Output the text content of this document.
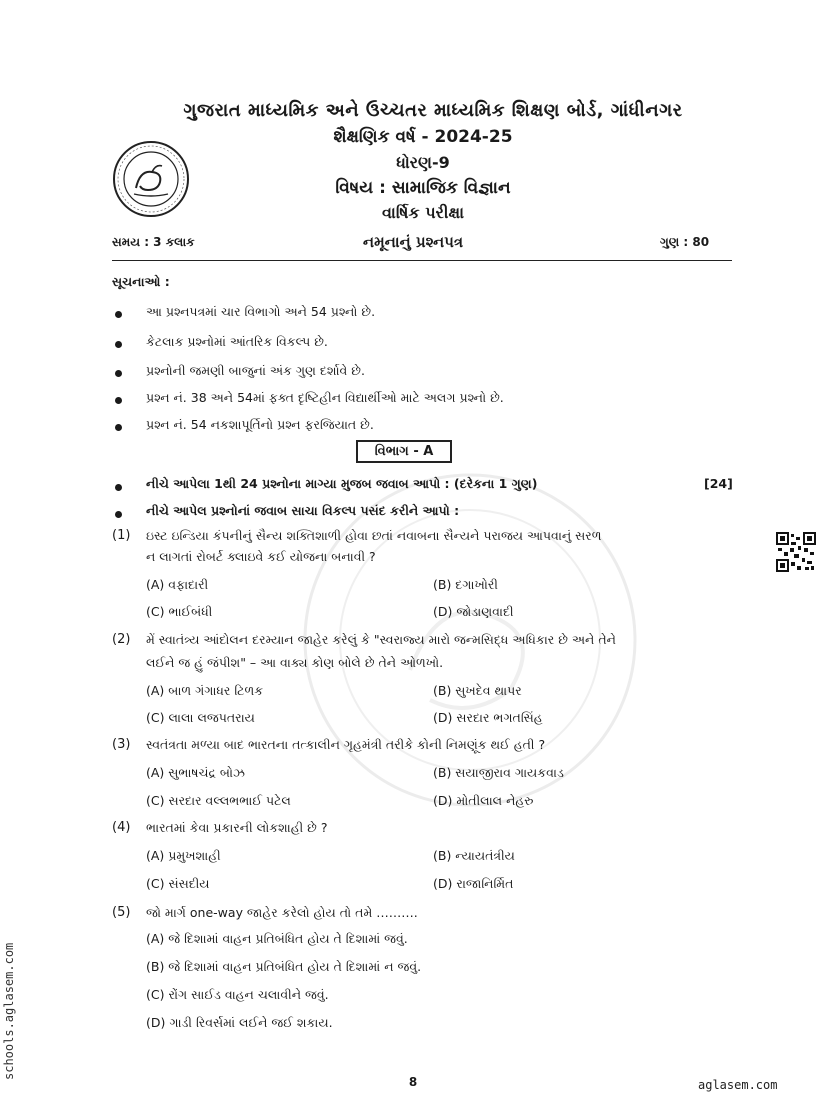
ગુજરાત માધ્યમિક અને ઉચ્ચતર માધ્યમિક શિક્ષણ બોર્ડ, ગાંધીનગર
શૈક્ષણિક વર્ષ - 2024-25
ધોરણ-9
વિષય : સામાજિક વિજ્ઞાન
વાર્ષિક પરીક્ષા
સમય : 3 કલાક	નમૂનાનું પ્રશ્નપત્ર	ગુણ : 80
સૂચનાઓ :
આ પ્રશ્નપત્રમાં ચાર વિભાગો અને 54 પ્રશ્નો છે.
કેટલાક પ્રશ્નોમાં આંતરિક વિકલ્પ છે.
પ્રશ્નોની જમણી બાજુનાં અંક ગુણ દર્શાવે છે.
પ્રશ્ન નં. 38 અને 54માં ફક્ત દૃષ્ટિહીન વિદ્યાર્થીઓ માટે અલગ પ્રશ્નો છે.
પ્રશ્ન નં. 54 નકશાપૂર્તિનો પ્રશ્ન ફરજિયાત છે.
વિભાગ - A
નીચે આપેલા 1થી 24 પ્રશ્નોના માગ્યા મુજબ જવાબ આપો : (દરેકના 1 ગુણ)	[24]
નીચે આપેલ પ્રશ્નોનાં જવાબ સાચા વિકલ્પ પસંદ કરીને આપો :
(1) ઇસ્ટ ઇન્ડિયા કંપનીનું સૈન્ય શક્તિશાળી હોવા છતાં નવાબના સૈન્યને પરાજય આપવાનું સરળ
ન લાગતાં રોબર્ટ ક્લાઇવે કઈ યોજના બનાવી ?
(A) વફાદારી	(B) દગાખોરી
(C) ભાઈબંધી	(D) જોડાણવાદી
(2) મેં સ્વાતંત્ર્ય આંદોલન દરમ્યાન જાહેર કરેલું કે "સ્વરાજ્ય મારો જન્મસિદ્ધ અધિકાર છે અને તેને
લઈને જ હું જંપીશ" – આ વાક્ય કોણ બોલે છે તેને ઓળખો.
(A) બાળ ગંગાધર ટિળક	(B) સુખદેવ થાપર
(C) લાલા લજપતરાય	(D) સરદાર ભગતસિંહ
(3) સ્વતંત્રતા મળ્યા બાદ ભારતના તત્કાલીન ગૃહમંત્રી તરીકે કોની નિમણૂંક થઈ હતી ?
(A) સુભાષચંદ્ર બોઝ	(B) સયાજીરાવ ગાયકવાડ
(C) સરદાર વલ્લભભાઈ પટેલ	(D) મોતીલાલ નેહરુ
(4) ભારતમાં કેવા પ્રકારની લોકશાહી છે ?
(A) પ્રમુખશાહી	(B) ન્યાયતંત્રીય
(C) સંસદીય	(D) રાજાનિર્મિત
(5) જો માર્ગ one-way જાહેર કરેલો હોય તો તમે ……….
(A) જે દિશામાં વાહન પ્રતિબંધિત હોય તે દિશામાં જવું.
(B) જે દિશામાં વાહન પ્રતિબંધિત હોય તે દિશામાં ન જવું.
(C) રોંગ સાઈડ વાહન ચલાવીને જવું.
(D) ગાડી રિવર્સમાં લઈને જઈ શકાય.
schools.aglasem.com
8	aglasem.com
